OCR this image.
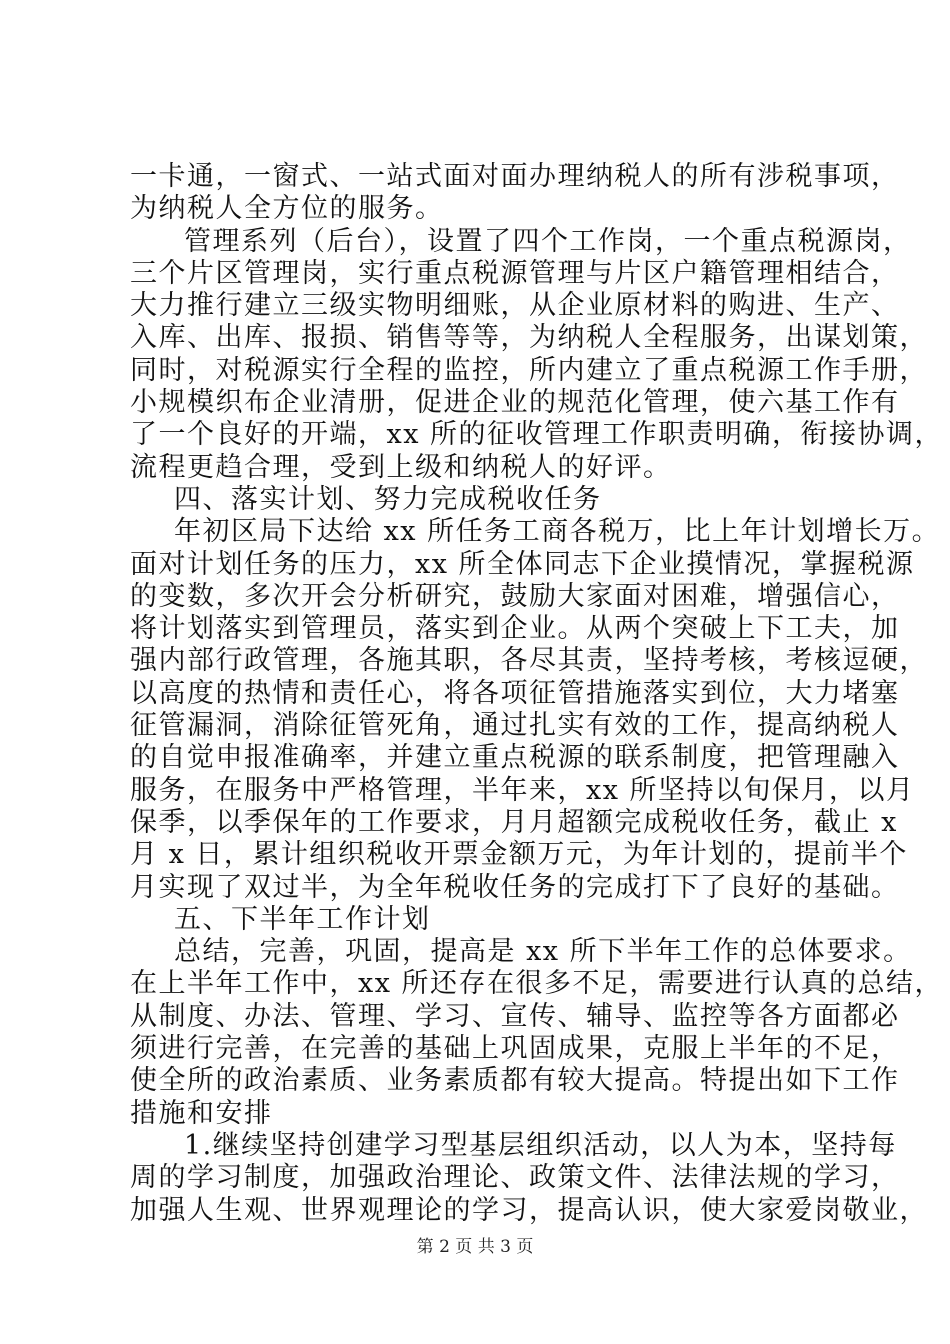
一卡通，一窗式、一站式面对面办理纳税人的所有涉税事项，
为纳税人全方位的服务。
管理系列（后台），设置了四个工作岗，一个重点税源岗，
三个片区管理岗，实行重点税源管理与片区户籍管理相结合，
大力推行建立三级实物明细账，从企业原材料的购进、生产、
入库、出库、报损、销售等等，为纳税人全程服务，出谋划策，
同时，对税源实行全程的监控，所内建立了重点税源工作手册，
小规模织布企业清册，促进企业的规范化管理，使六基工作有
了一个良好的开端，xx 所的征收管理工作职责明确，衔接协调，
流程更趋合理，受到上级和纳税人的好评。
四、落实计划、努力完成税收任务
年初区局下达给 xx 所任务工商各税万，比上年计划增长万。
面对计划任务的压力，xx 所全体同志下企业摸情况，掌握税源
的变数，多次开会分析研究，鼓励大家面对困难，增强信心，
将计划落实到管理员，落实到企业。从两个突破上下工夫，加
强内部行政管理，各施其职，各尽其责，坚持考核，考核逗硬，
以高度的热情和责任心，将各项征管措施落实到位，大力堵塞
征管漏洞，消除征管死角，通过扎实有效的工作，提高纳税人
的自觉申报准确率，并建立重点税源的联系制度，把管理融入
服务，在服务中严格管理，半年来，xx 所坚持以旬保月，以月
保季，以季保年的工作要求，月月超额完成税收任务，截止 x
月 x 日，累计组织税收开票金额万元，为年计划的，提前半个
月实现了双过半，为全年税收任务的完成打下了良好的基础。
五、下半年工作计划
总结，完善，巩固，提高是 xx 所下半年工作的总体要求。
在上半年工作中，xx 所还存在很多不足，需要进行认真的总结，
从制度、办法、管理、学习、宣传、辅导、监控等各方面都必
须进行完善，在完善的基础上巩固成果，克服上半年的不足，
使全所的政治素质、业务素质都有较大提高。特提出如下工作
措施和安排
1.继续坚持创建学习型基层组织活动，以人为本，坚持每
周的学习制度，加强政治理论、政策文件、法律法规的学习，
加强人生观、世界观理论的学习，提高认识，使大家爱岗敬业，
第 2 页 共 3 页
